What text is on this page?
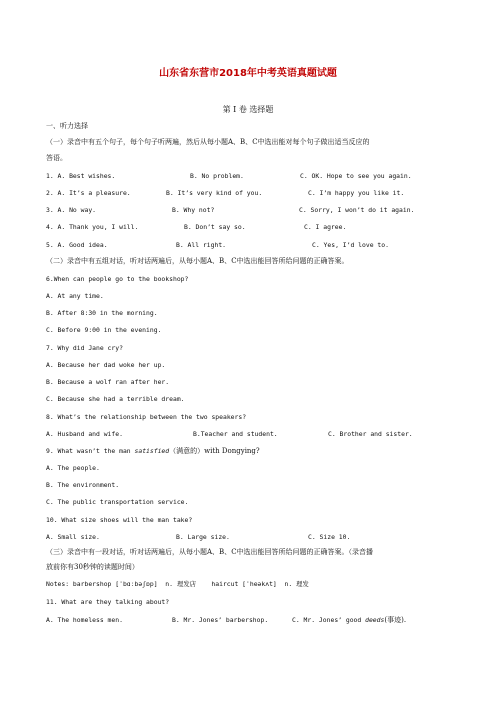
山东省东营市2018年中考英语真题试题
第 Ⅰ 卷 选择题
一、听力选择
（一）录音中有五个句子，每个句子听两遍，然后从每小题A、B、C中选出能对每个句子做出适当反应的
答语。
1. A. Best wishes.	B. No problem.	C. OK. Hope to see you again.
2. A. It’s a pleasure.	B. It’s very kind of you.	C. I’m happy you like it.
3. A. No way.	B. Why not?	C. Sorry, I won’t do it again.
4. A. Thank you, I will.	B. Don’t say so.	C. I agree.
5. A. Good idea.	B. All right.	C. Yes, I’d love to.
（二）录音中有五组对话，听对话两遍后，从每小题A、B、C中选出能回答所给问题的正确答案。
6.When can people go to the bookshop?
A. At any time.
B. After 8:30 in the morning.
C. Before 9:00 in the evening.
7. Why did Jane cry?
A. Because her dad woke her up.
B. Because a wolf ran after her.
C. Because she had a terrible dream.
8. What’s the relationship between the two speakers?
A. Husband and wife.	B.Teacher and student.	C. Brother and sister.
9. What wasn’t the man satisfied（满意的）with Dongying?
A. The people.
B. The environment.
C. The public transportation service.
10. What size shoes will the man take?
A. Small size.	B. Large size.	C. Size 10.
（三）录音中有一段对话，听对话两遍后，从每小题A、B、C中选出能回答所给问题的正确答案。（录音播
放前你有30秒钟的读题时间）
Notes: barbershop [ˈbɑːbəʃɒp]  n. 理发店    haircut [ˈheəkʌt]  n. 理发
11. What are they talking about?
A. The homeless men.	B. Mr. Jones’ barbershop.	C. Mr. Jones’ good deeds(事迹).
